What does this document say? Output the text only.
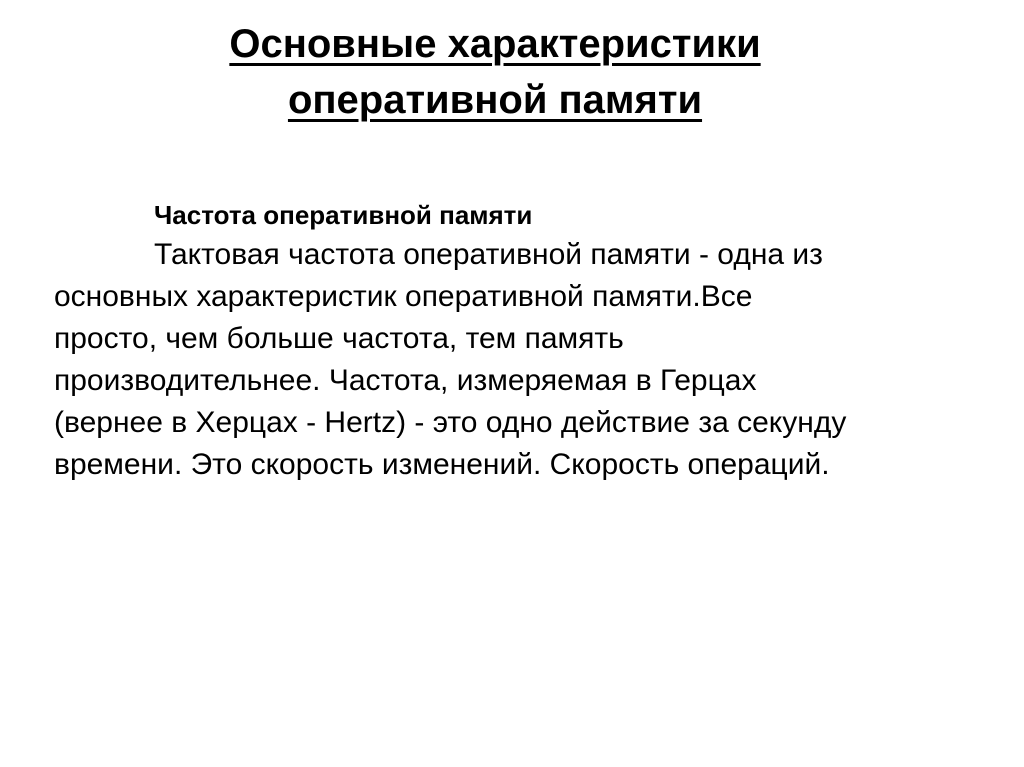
Основные характеристики
оперативной памяти

Частота оперативной памяти

Тактовая частота оперативной памяти - одна из

основных характеристик оперативной памяти.Все

просто, чем больше частота, тем память

производительнее. Частота, измеряемая в Герцах

(вернее в Херцах - Hertz) - это одно действие за секунду

времени. Это скорость изменений. Скорость операций.
